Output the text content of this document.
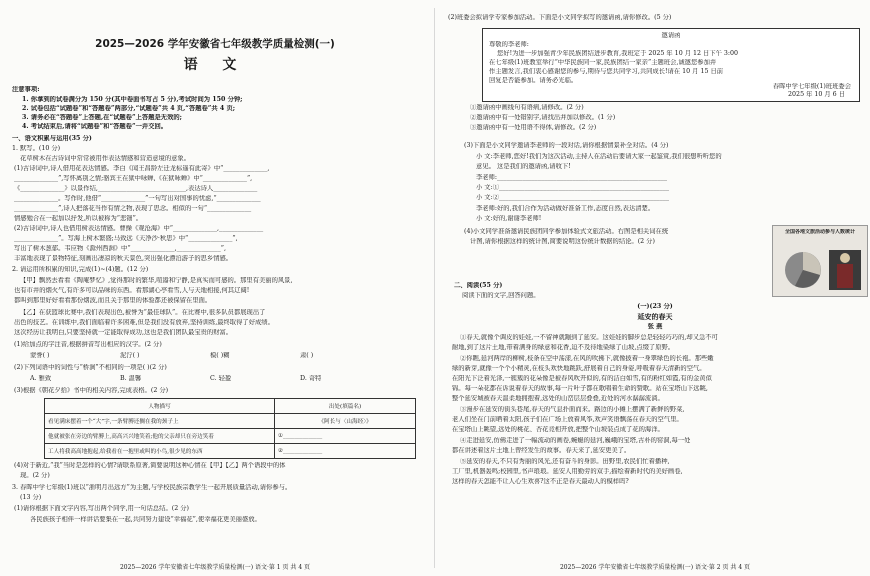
2025—2026 学年安徽省七年级教学质量检测(一)
语 文
注意事项:
1. 你拿到的试卷满分为 150 分(其中卷面书写占 5 分),考试时间为 150 分钟;
2. 试卷包括“试题卷”和“答题卷”两部分,“试题卷”共 4 页,“答题卷”共 4 页;
3. 请务必在“答题卷”上答题,在“试题卷”上答题是无效的;
4. 考试结束后,请将“试题卷”和“答题卷”一并交回。
一、语文积累与运用(35 分)
1. 默写。(10 分)
花草树木在古诗词中常常被用作表达情感和营造意境的意象。
(1)古诗词中,诗人借用花表达情感。李白《闻王昌龄左迁龙标遥有此寄》中“______________,
______________”,写怀离别之情;骆宾王在狱中咏蝉,《在狱咏蝉》中“______________”,
《______________》以景作结,____________________________,表达诗人______________
______________。写作时,他借“______________”一句写出对国事的忧虑,“______________
______________”,诗人把落花当作有情之物,表现了思念。相似的一句“______________
情感勉合在一起加以抒发,所以被称为“悲钿”。
(2)古诗词中,诗人也借用树表达情感。曹操《观沧海》中“______________,______________
______________”。写海上树木繁盛;马致远《天净沙·秋思》中“______________”,
写出了树木葱郁。韦应物《滁州西涧》中“______________,______________”,
丰富地表现了景物特征,刻画出凄凉的秋天景色,突出强化漂泊游子的思乡情感。
2. 请运用所积累的知识,完成(1)~(4)题。(12 分)
【甲】飘然去看看《陶庵梦忆》,觉得那时的繁华,喧嚣和宁静,是真实而可感的。那里有美丽的风景,
也有市井的烟火气,有许多可以品味的东西。看那湖心亭看雪,人与天地相接,何其辽阔!
都叫到那里好好看看那份烟波,而且关于那里的体验都还被保留在里面。
【乙】在获篮球比赛中,我们表现出色,被誉为“最佳球队”。在比赛中,很多队员都展现出了
出色的技艺。在训练中,我们面临着许多困难,但是我们没有放弃,坚持训练,最终取得了好成绩。
这次经历让我明白,只要坚持就一定能取得成功,这也是我们团队最宝贵的财富。
(1)给加点的字注音,根据拼音写出相应的汉字。(2 分)
蒙誉( )	泥泞( )	模( )糊	肃( )
(2)下列词语中的词性与“桥涧”不相同的一项是( )(2 分)
A. 雅致	B. 温馨	C. 轻盈	D. 奇特
(3)根据《朝花夕拾》书中的相关内容,完成表格。(2 分)
人物描写	出处(填篇名)
看见满床摆着一个“大”字,一条臂膊还搁在我的颈子上	《阿长与〈山海经〉》
他就被张在旁边的臂膊上,高高兴兴地笑着;他的父亲却只在旁边笑着	①______________
工人将我高高地抱起,给我看在一抱里或叫的小鸟,很少见的东西	②______________
(4)对于新近,“我”当时是怎样的心情?请联系原著,简要说明这种心情在【甲】【乙】两个语段中的体
现。(2 分)
3. 春晖中学七年级(1)班以“浙明月出远方”为主题,与学校民族宗教学生一起开展质量活动,请你参与。
(13 分)
(1)请你根据下面文字内容,写出两个同学,用一句话总结。(2 分)
各民族孩子相伴一样讲话要集在一起,共同努力建设“幸福花”,使幸福花更美丽盛放。
2025—2026 学年安徽省七年级教学质量检测(一) 语文·第 1 页 共 4 页
(2)班委会拟请学专家参加活动。下面是小文同学拟写的邀请函,请你修改。(5 分)
邀请函
尊敬的李老师:
您好!为进一步加强青少年民族团结进步教育,我班定于 2025 年 10 月 12 日下午 3:00
在七年级(1)班教室举行“中华民族同一家,民族团结一家亲”主题班会,诚邀您参加并
作主题发言,我们衷心感谢您的参与,期待与您共同学习,共同成长!请在 10 月 15 日前
回复是否能参加。请务必光临。
春晖中学七年级(1)班班委会
2025 年 10 月 6 日
①邀请函中画线句有语病,请修改。(2 分)
②邀请函中有一处错别字,请找出并加以修改。(1 分)
③邀请函中有一处用语不得体,请修改。(2 分)
(3)下面是小文同学邀请李老师的一段对话,请你根据情景补全对话。(4 分)
小 文:李老师,您好!我们为这次活动,主持人在活动后要请大家一起鉴赏,我们很想听听您的
意见。 这是我们的邀请函,请收下!
李老师:______________________________________________________
小 文:①______________________________________________________
小 文:②______________________________________________________
李老师:好的,我们合作为活动做好准备工作,态度自然,表达清楚。
小 文:好的,谢谢李老师!
(4)小文同学准备邀请民族团同学参加体验式文旅活动。右图是相关词在统
计图,请你根据这样的统计图,简要说明这份统计数据的结论。(2 分)
二、阅读(55 分)
阅读下面的文字,回答问题。
(一)(23 分)
延安的春天
张 燕
①春天,就像个调皮的娃娃,一不留神就蹦到了延安。这娃娃的脚步总是轻轻巧巧的,却又急不可
耐地,到了这片土地,带着满身的绿意和花香,迫不及待地染绿了山坡,点缀了原野。
②你瞧,延河两岸的柳树,枝条在空中荡漾,在风的吹拂下,就像披着一身翠绿色的长袍。那些嫩
绿的新芽,就像一个个小精灵,在枝头欢快地跳跃,舒展着自己的身姿,呼吸着春天清新的空气。
在阳光下泛着光泽,一簇簇的花朵像是被春风吹开似的,有的洁白如雪,有的粉红如霞,有的金黄似
锦。每一朵花都在诉说着春天的故事,每一片叶子都在歌唱着生命的赞歌。站在宝塔山下远眺,
整个延安城被春天温柔地拥抱着,远处的山峦层层叠叠,近处的河水潺潺流淌。
③漫步在延安的街头巷尾,春天的气息扑面而来。路边的小摊上摆满了新鲜的野菜,
老人们坐在门前晒着太阳,孩子们在广场上放着风筝,欢声笑语飘荡在春天的空气里。
在宝塔山上眺望,远处的桃花、杏花竞相开放,把整个山坡装点成了花的海洋。
④走进延安,仿佛走进了一幅流动的画卷,蜿蜒的延河,巍峨的宝塔,古朴的窑洞,每一处
都在讲述着这片土地上曾经发生的故事。春天来了,延安更美了。
⑤延安的春天,不只有秀丽的风光,还有奋斗的身影。田野里,农民们忙着播种,
工厂里,机器轰鸣;校园里,书声琅琅。延安人用勤劳的双手,描绘着新时代的美好画卷,
这样的春天怎能不让人心生欢喜?这不正是春天最动人的模样吗?
2025—2026 学年安徽省七年级教学质量检测(一) 语文·第 2 页 共 4 页
全国各地文旅活动参与人数统计
